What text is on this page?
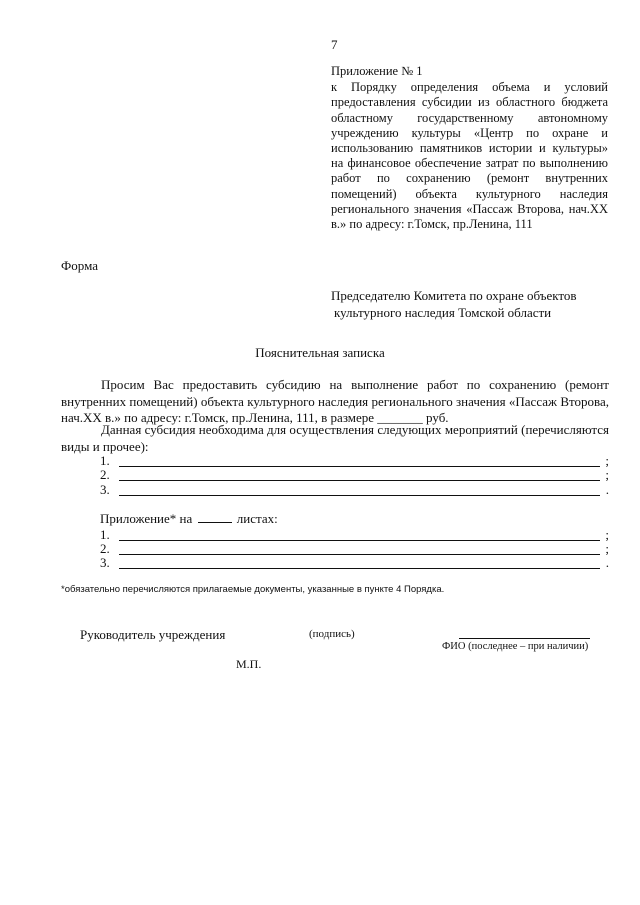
7
Приложение № 1
к Порядку определения объема и условий предоставления субсидии из областного бюджета областному государственному автономному учреждению культуры «Центр по охране и использованию памятников истории и культуры» на финансовое обеспечение затрат по выполнению работ по сохранению (ремонт внутренних помещений) объекта культурного наследия регионального значения «Пассаж Второва, нач.XX в.» по адресу: г.Томск, пр.Ленина, 111
Форма
Председателю Комитета по охране объектов
культурного наследия Томской области
Пояснительная записка
Просим Вас предоставить субсидию на выполнение работ по сохранению (ремонт внутренних помещений) объекта культурного наследия регионального значения «Пассаж Второва, нач.XX в.» по адресу: г.Томск, пр.Ленина, 111, в размере _______ руб.
Данная субсидия необходима для осуществления следующих мероприятий (перечисляются виды и прочее):
1.	;
2.	;
3.	.
Приложение* на	листах:
1.	;
2.	;
3.	.
*обязательно перечисляются прилагаемые документы, указанные в пункте 4 Порядка.
Руководитель учреждения	(подпись)
ФИО (последнее – при наличии)
М.П.
